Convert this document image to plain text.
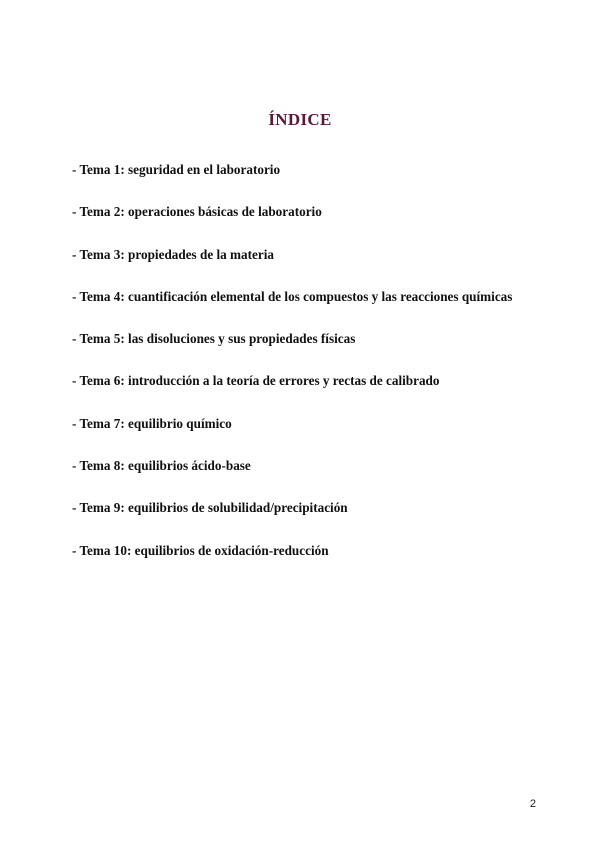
ÍNDICE
- Tema 1: seguridad en el laboratorio
- Tema 2: operaciones básicas de laboratorio
- Tema 3: propiedades de la materia
- Tema 4: cuantificación elemental de los compuestos y las reacciones químicas
- Tema 5: las disoluciones y sus propiedades físicas
- Tema 6: introducción a la teoría de errores y rectas de calibrado
- Tema 7: equilibrio químico
- Tema 8: equilibrios ácido-base
- Tema 9: equilibrios de solubilidad/precipitación
- Tema 10: equilibrios de oxidación-reducción
2
